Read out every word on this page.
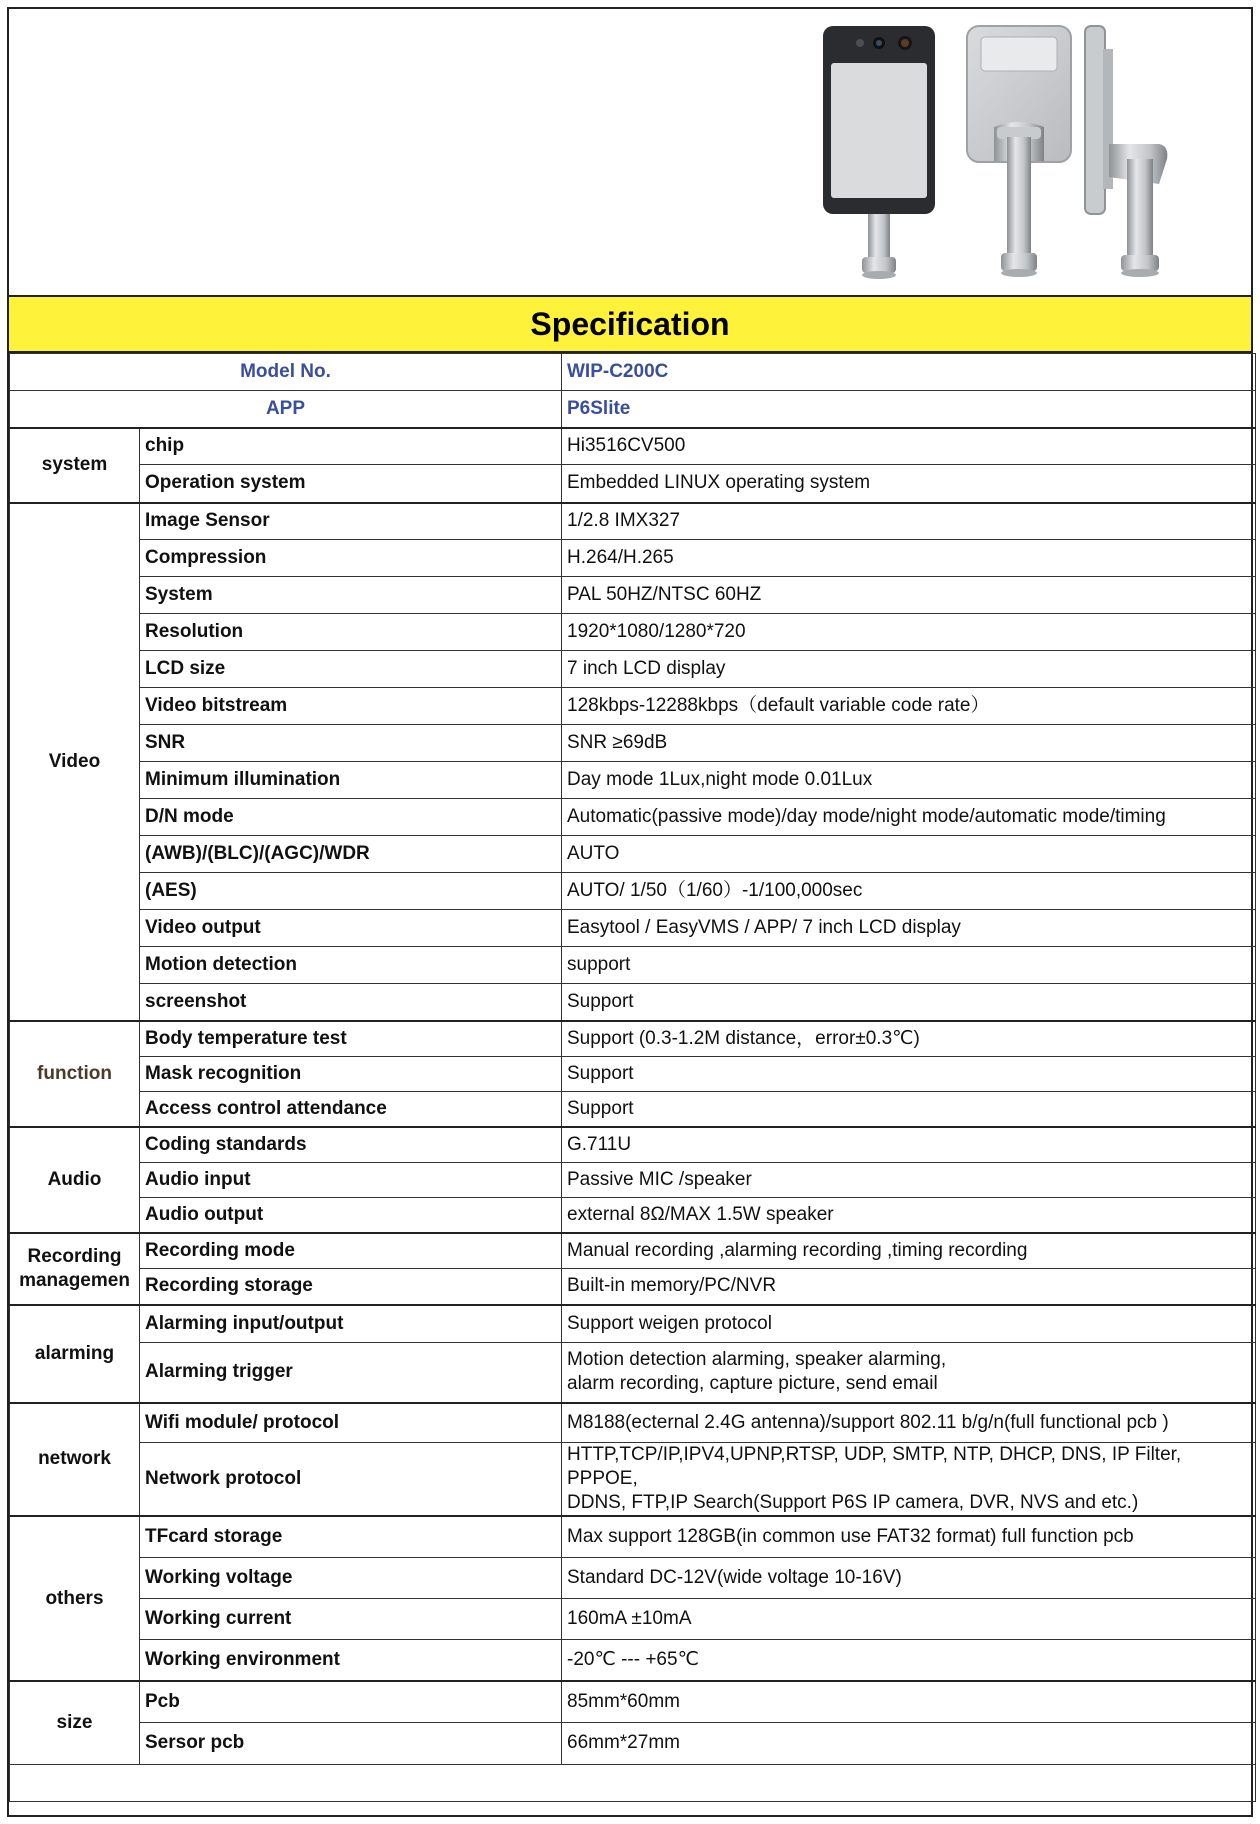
Specification
Model No.		WIP-C200C
APP		P6Slite
system	chip	Hi3516CV500
	Operation system	Embedded LINUX operating system
Video	Image Sensor	1/2.8 IMX327
	Compression	H.264/H.265
	System	PAL 50HZ/NTSC 60HZ
	Resolution	1920*1080/1280*720
	LCD size	7 inch LCD display
	Video bitstream	128kbps-12288kbps（default variable code rate）
	SNR	SNR ≥69dB
	Minimum illumination	Day mode 1Lux,night mode 0.01Lux
	D/N mode	Automatic(passive mode)/day mode/night mode/automatic mode/timing
	(AWB)/(BLC)/(AGC)/WDR	AUTO
	(AES)	AUTO/ 1/50（1/60）-1/100,000sec
	Video output	Easytool / EasyVMS / APP/ 7 inch LCD display
	Motion detection	support
	screenshot	Support
function	Body temperature test	Support (0.3-1.2M distance，error±0.3℃)
	Mask recognition	Support
	Access control attendance	Support
Audio	Coding standards	G.711U
	Audio input	Passive MIC /speaker
	Audio output	external 8Ω/MAX 1.5W speaker

Recording
managemen	Recording mode	Manual recording ,alarming recording ,timing recording
	Recording storage	Built-in memory/PC/NVR
alarming	Alarming input/output	Support weigen protocol
	Alarming trigger	Motion detection alarming, speaker alarming,
alarm recording, capture picture, send email

network	Wifi module/ protocol	M8188(ecternal 2.4G antenna)/support 802.11 b/g/n(full functional pcb )
	Network protocol	HTTP,TCP/IP,IPV4,UPNP,RTSP, UDP, SMTP, NTP, DHCP, DNS, IP Filter, PPPOE,
DDNS, FTP,IP Search(Support P6S IP camera, DVR, NVS and etc.)

others	TFcard storage	Max support 128GB(in common use FAT32 format) full function pcb
	Working voltage	Standard DC-12V(wide voltage 10-16V)
	Working current	160mA ±10mA
	Working environment	-20℃ --- +65℃
size	Pcb	85mm*60mm
	Sersor pcb	66mm*27mm
